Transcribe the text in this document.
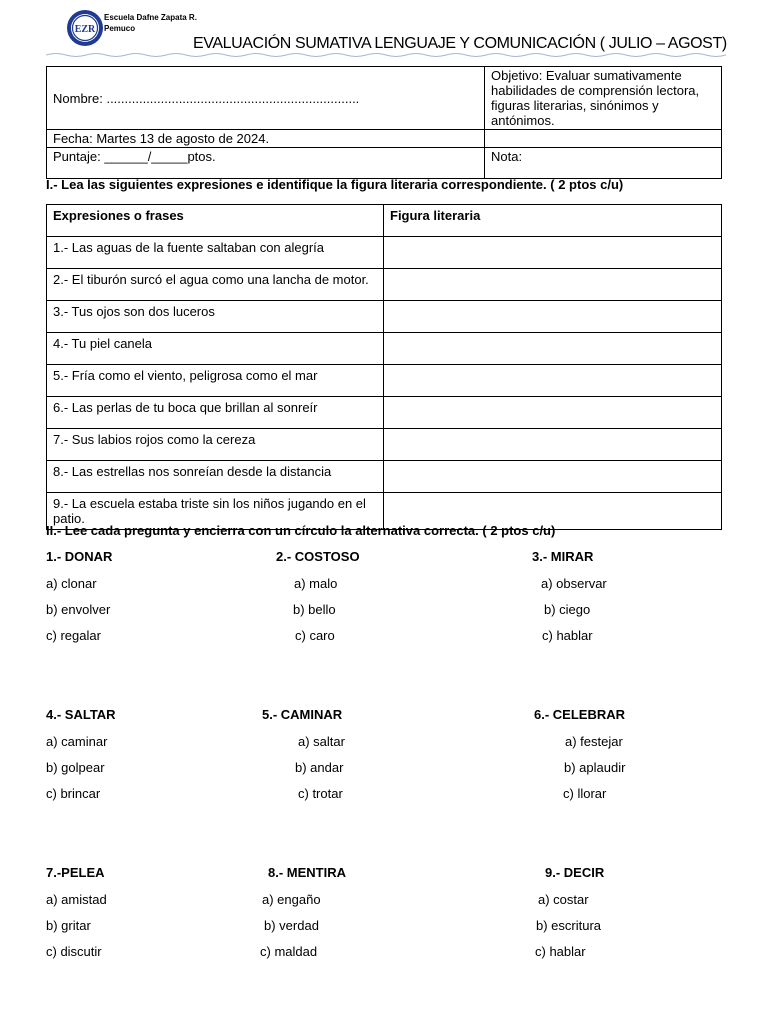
EZR
Escuela Dafne Zapata R.
Pemuco
EVALUACIÓN SUMATIVA LENGUAJE Y COMUNICACIÓN ( JULIO – AGOST)
Nombre: ......................................................................	Objetivo: Evaluar sumativamente habilidades de comprensión lectora, figuras literarias, sinónimos y antónimos.
Fecha: Martes 13 de agosto de 2024.	
Puntaje: ______/_____ptos.	Nota:
I.- Lea las siguientes expresiones e identifique la figura literaria correspondiente. ( 2 ptos c/u)
Expresiones o frases	Figura literaria
1.- Las aguas de la fuente saltaban con alegría	
2.- El tiburón surcó el agua como una lancha de motor.	
3.- Tus ojos son dos luceros	
4.- Tu piel canela	
5.- Fría como el viento, peligrosa como el mar	
6.- Las perlas de tu boca que brillan al sonreír	
7.- Sus labios rojos como la cereza	
8.- Las estrellas nos sonreían desde la distancia	
9.- La escuela estaba triste sin los niños jugando en el patio.	
II.- Lee cada pregunta y encierra con un círculo la alternativa correcta. ( 2 ptos c/u)
1.- DONAR
a) clonar
b) envolver
c) regalar
2.- COSTOSO
a) malo
b) bello
c) caro
3.- MIRAR
a) observar
b) ciego
c) hablar
4.- SALTAR
a) caminar
b) golpear
c) brincar
5.- CAMINAR
a) saltar
b) andar
c) trotar
6.- CELEBRAR
a) festejar
b) aplaudir
c) llorar
7.-PELEA
a) amistad
b) gritar
c) discutir
8.- MENTIRA
a) engaño
b) verdad
c) maldad
9.- DECIR
a) costar
b) escritura
c) hablar
